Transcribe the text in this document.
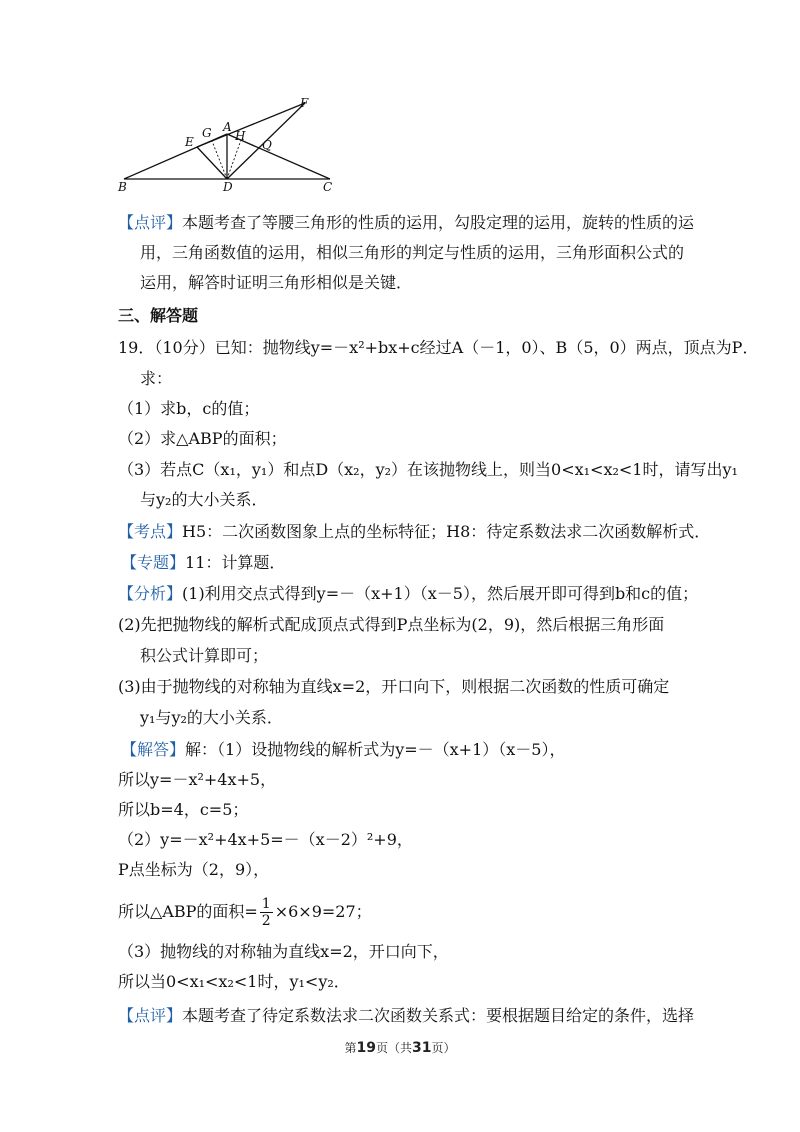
F
G A
E	H
Q
B	D	C
【点评】本题考查了等腰三角形的性质的运用，勾股定理的运用，旋转的性质的运
用，三角函数值的运用，相似三角形的判定与性质的运用，三角形面积公式的
运用，解答时证明三角形相似是关键．
三、解答题
19．（10分）已知：抛物线y=－x²+bx+c经过A（－1，0）、B（5，0）两点，顶点为P．
求：
（1）求b，c的值；
（2）求△ABP的面积；
（3）若点C（x₁，y₁）和点D（x₂，y₂）在该抛物线上，则当0<x₁<x₂<1时，请写出y₁
与y₂的大小关系．
【考点】H5：二次函数图象上点的坐标特征；H8：待定系数法求二次函数解析式．
【专题】11：计算题．
【分析】(1)利用交点式得到y=－（x+1）（x－5），然后展开即可得到b和c的值；
(2)先把抛物线的解析式配成顶点式得到P点坐标为(2，9)，然后根据三角形面
积公式计算即可；
(3)由于抛物线的对称轴为直线x=2，开口向下，则根据二次函数的性质可确定
y₁与y₂的大小关系．
【解答】解：（1）设抛物线的解析式为y=－（x+1）（x－5），
所以y=－x²+4x+5，
所以b=4，c=5；
（2）y=－x²+4x+5=－（x－2）²+9，
P点坐标为（2，9），
所以△ABP的面积= $\frac{1}{2} \times 6\times 9=27$；
（3）抛物线的对称轴为直线x=2，开口向下，
所以当0<x₁<x₂<1时，y₁<y₂．
【点评】本题考查了待定系数法求二次函数关系式：要根据题目给定的条件，选择
第19页（共31页）
